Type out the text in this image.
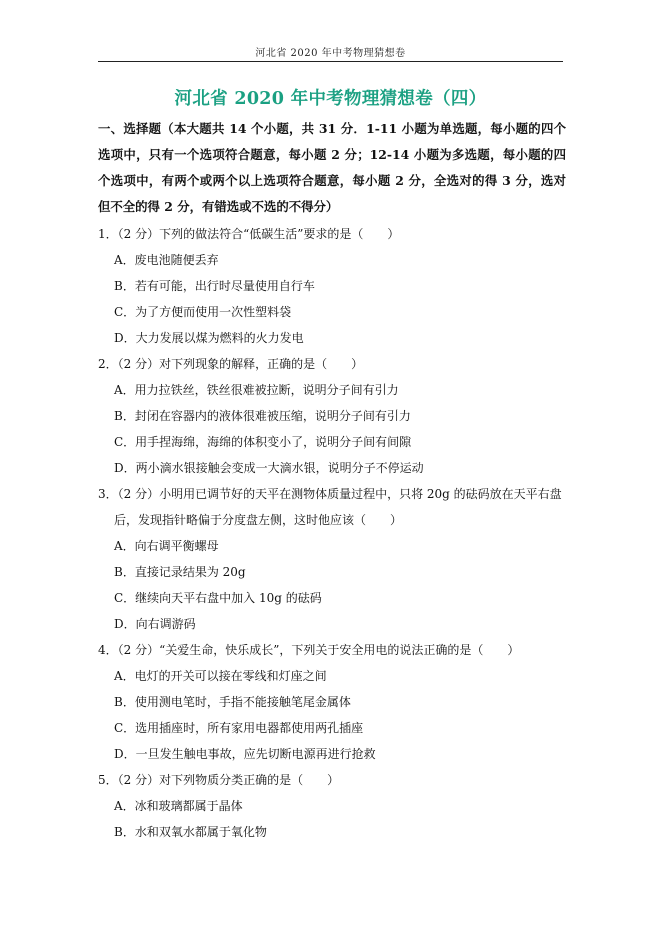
河北省 2020 年中考物理猜想卷
河北省 2020 年中考物理猜想卷（四）
一、选择题（本大题共 14 个小题，共 31 分．1-11 小题为单选题，每小题的四个选项中，只有一个选项符合题意，每小题 2 分；12-14 小题为多选题，每小题的四个选项中，有两个或两个以上选项符合题意，每小题 2 分，全选对的得 3 分，选对但不全的得 2 分，有错选或不选的不得分）
1．（2 分）下列的做法符合“低碳生活”要求的是（　　）
A．废电池随便丢弃
B．若有可能，出行时尽量使用自行车
C．为了方便而使用一次性塑料袋
D．大力发展以煤为燃料的火力发电
2．（2 分）对下列现象的解释，正确的是（　　）
A．用力拉铁丝，铁丝很难被拉断，说明分子间有引力
B．封闭在容器内的液体很难被压缩，说明分子间有引力
C．用手捏海绵，海绵的体积变小了，说明分子间有间隙
D．两小滴水银接触会变成一大滴水银，说明分子不停运动
3．（2 分）小明用已调节好的天平在测物体质量过程中，只将 20g 的砝码放在天平右盘后，发现指针略偏于分度盘左侧，这时他应该（　　）
A．向右调平衡螺母
B．直接记录结果为 20g
C．继续向天平右盘中加入 10g 的砝码
D．向右调游码
4．（2 分）“关爱生命，快乐成长”，下列关于安全用电的说法正确的是（　　）
A．电灯的开关可以接在零线和灯座之间
B．使用测电笔时，手指不能接触笔尾金属体
C．选用插座时，所有家用电器都使用两孔插座
D．一旦发生触电事故，应先切断电源再进行抢救
5．（2 分）对下列物质分类正确的是（　　）
A．冰和玻璃都属于晶体
B．水和双氧水都属于氧化物
